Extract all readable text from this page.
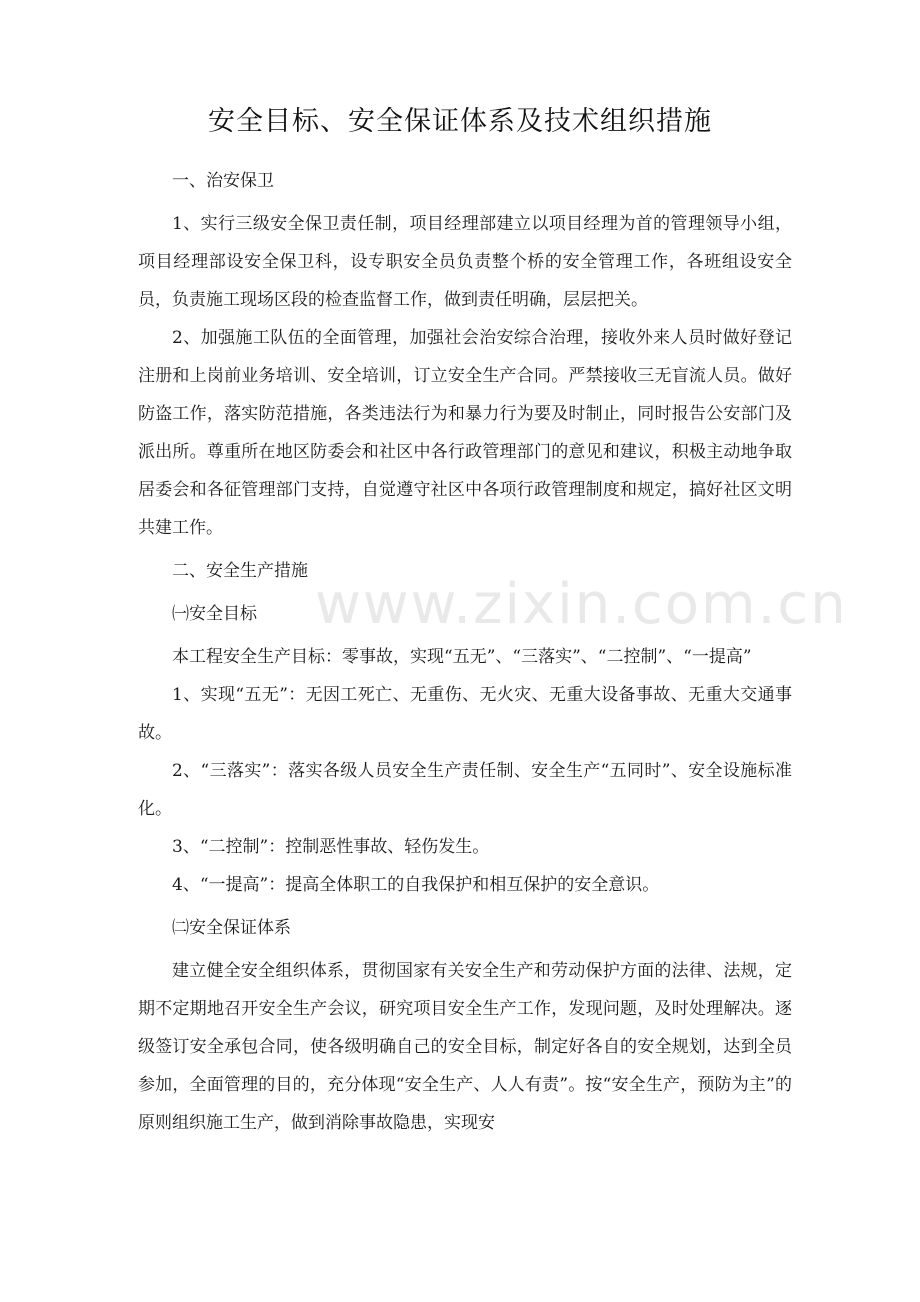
www.zixin.com.cn
安全目标、安全保证体系及技术组织措施

一、治安保卫

1、实行三级安全保卫责任制，项目经理部建立以项目经理为首的管理领导小组，项目经理部设安全保卫科，设专职安全员负责整个桥的安全管理工作，各班组设安全员，负责施工现场区段的检查监督工作，做到责任明确，层层把关。

2、加强施工队伍的全面管理，加强社会治安综合治理，接收外来人员时做好登记注册和上岗前业务培训、安全培训，订立安全生产合同。严禁接收三无盲流人员。做好防盗工作，落实防范措施，各类违法行为和暴力行为要及时制止，同时报告公安部门及派出所。尊重所在地区防委会和社区中各行政管理部门的意见和建议，积极主动地争取居委会和各征管理部门支持，自觉遵守社区中各项行政管理制度和规定，搞好社区文明共建工作。

二、安全生产措施

㈠安全目标

本工程安全生产目标：零事故，实现“五无”、“三落实”、“二控制”、“一提高”

1、实现“五无”：无因工死亡、无重伤、无火灾、无重大设备事故、无重大交通事故。

2、“三落实”：落实各级人员安全生产责任制、安全生产“五同时”、安全设施标准化。

3、“二控制”：控制恶性事故、轻伤发生。

4、“一提高”：提高全体职工的自我保护和相互保护的安全意识。

㈡安全保证体系

建立健全安全组织体系，贯彻国家有关安全生产和劳动保护方面的法律、法规，定期不定期地召开安全生产会议，研究项目安全生产工作，发现问题，及时处理解决。逐级签订安全承包合同，使各级明确自己的安全目标，制定好各自的安全规划，达到全员参加，全面管理的目的，充分体现“安全生产、人人有责”。按“安全生产，预防为主”的原则组织施工生产，做到消除事故隐患，实现安
